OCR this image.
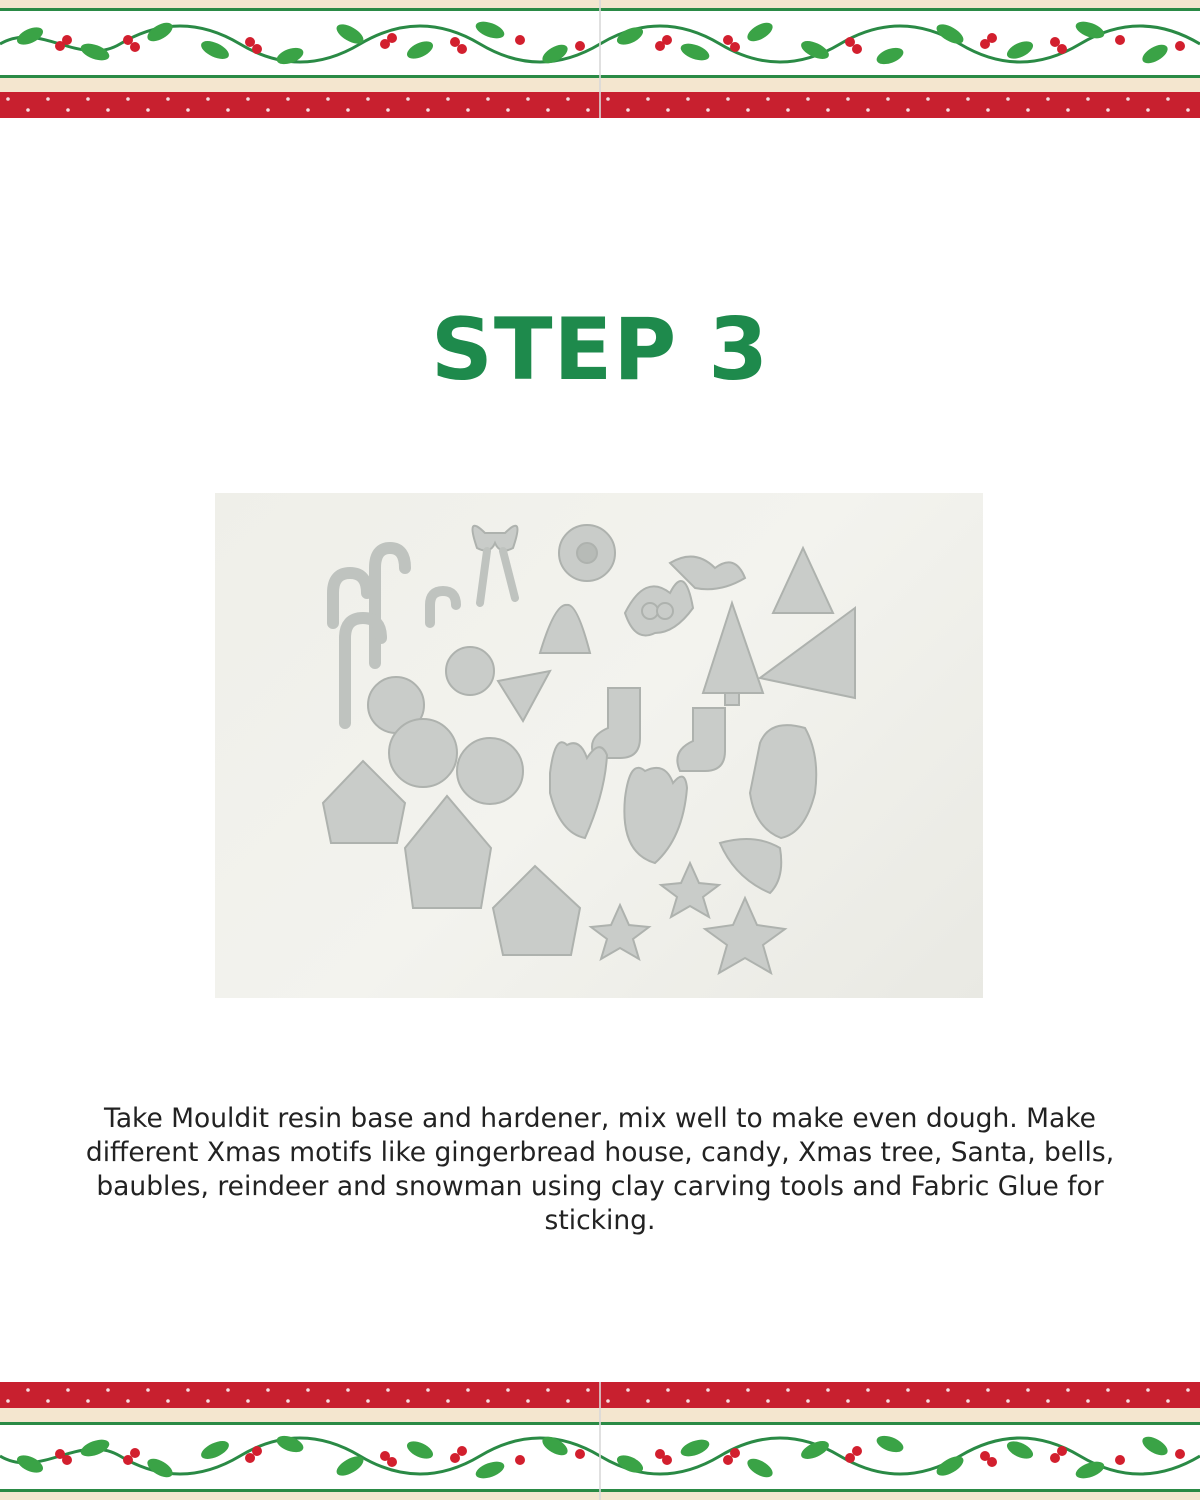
STEP 3

Take Mouldit resin base and hardener, mix well to make even dough. Make different Xmas motifs like gingerbread house, candy, Xmas tree, Santa, bells, baubles, reindeer and snowman using clay carving tools and Fabric Glue for sticking.
